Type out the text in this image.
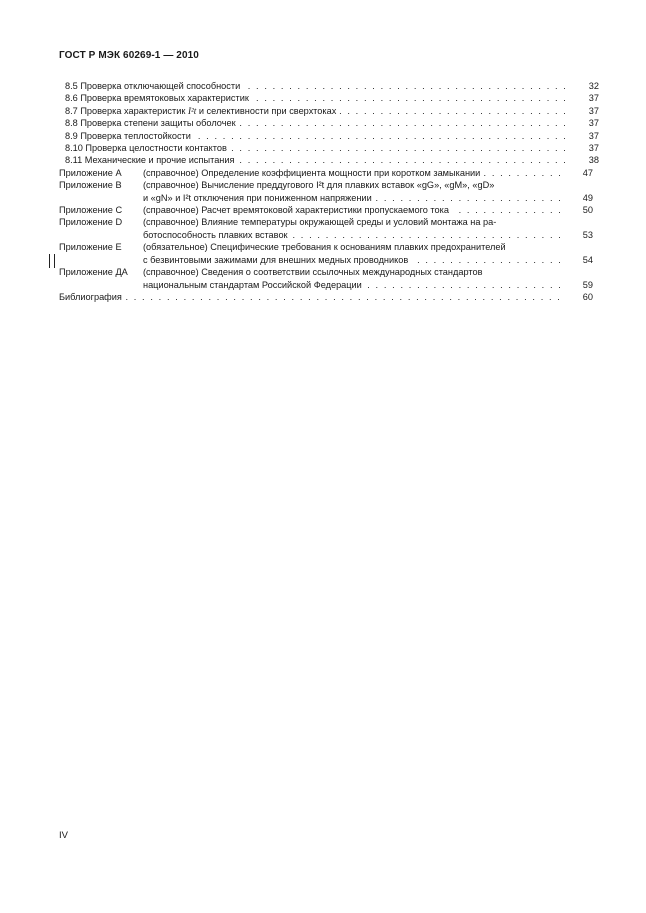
ГОСТ Р МЭК 60269-1 — 2010
8.5 Проверка отключающей способности . . .	32
8.6 Проверка времятоковых характеристик . . .	37
8.7 Проверка характеристик I²t и селективности при сверхтоках . . .	37
8.8 Проверка степени защиты оболочек . . .	37
8.9 Проверка теплостойкости . . .	37
8.10 Проверка целостности контактов . . .	37
8.11 Механические и прочие испытания . . .	38
Приложение А	(справочное) Определение коэффициента мощности при коротком замыкании . . .	47
Приложение В	(справочное) Вычисление преддугового I²t для плавких вставок «gG», «gM», «gD»
и «gN» и I²t отключения при пониженном напряжении . . .	49
Приложение С	(справочное) Расчет времятоковой характеристики пропускаемого тока . . .	50
Приложение D	(справочное) Влияние температуры окружающей среды и условий монтажа на ра-
ботоспособность плавких вставок . . .	53
Приложение Е	(обязательное) Специфические требования к основаниям плавких предохранителей
с безвинтовыми зажимами для внешних медных проводников . . .	54
Приложение ДА	(справочное) Сведения о соответствии ссылочных международных стандартов
национальным стандартам Российской Федерации . . .	59
Библиография . . .	60
IV
